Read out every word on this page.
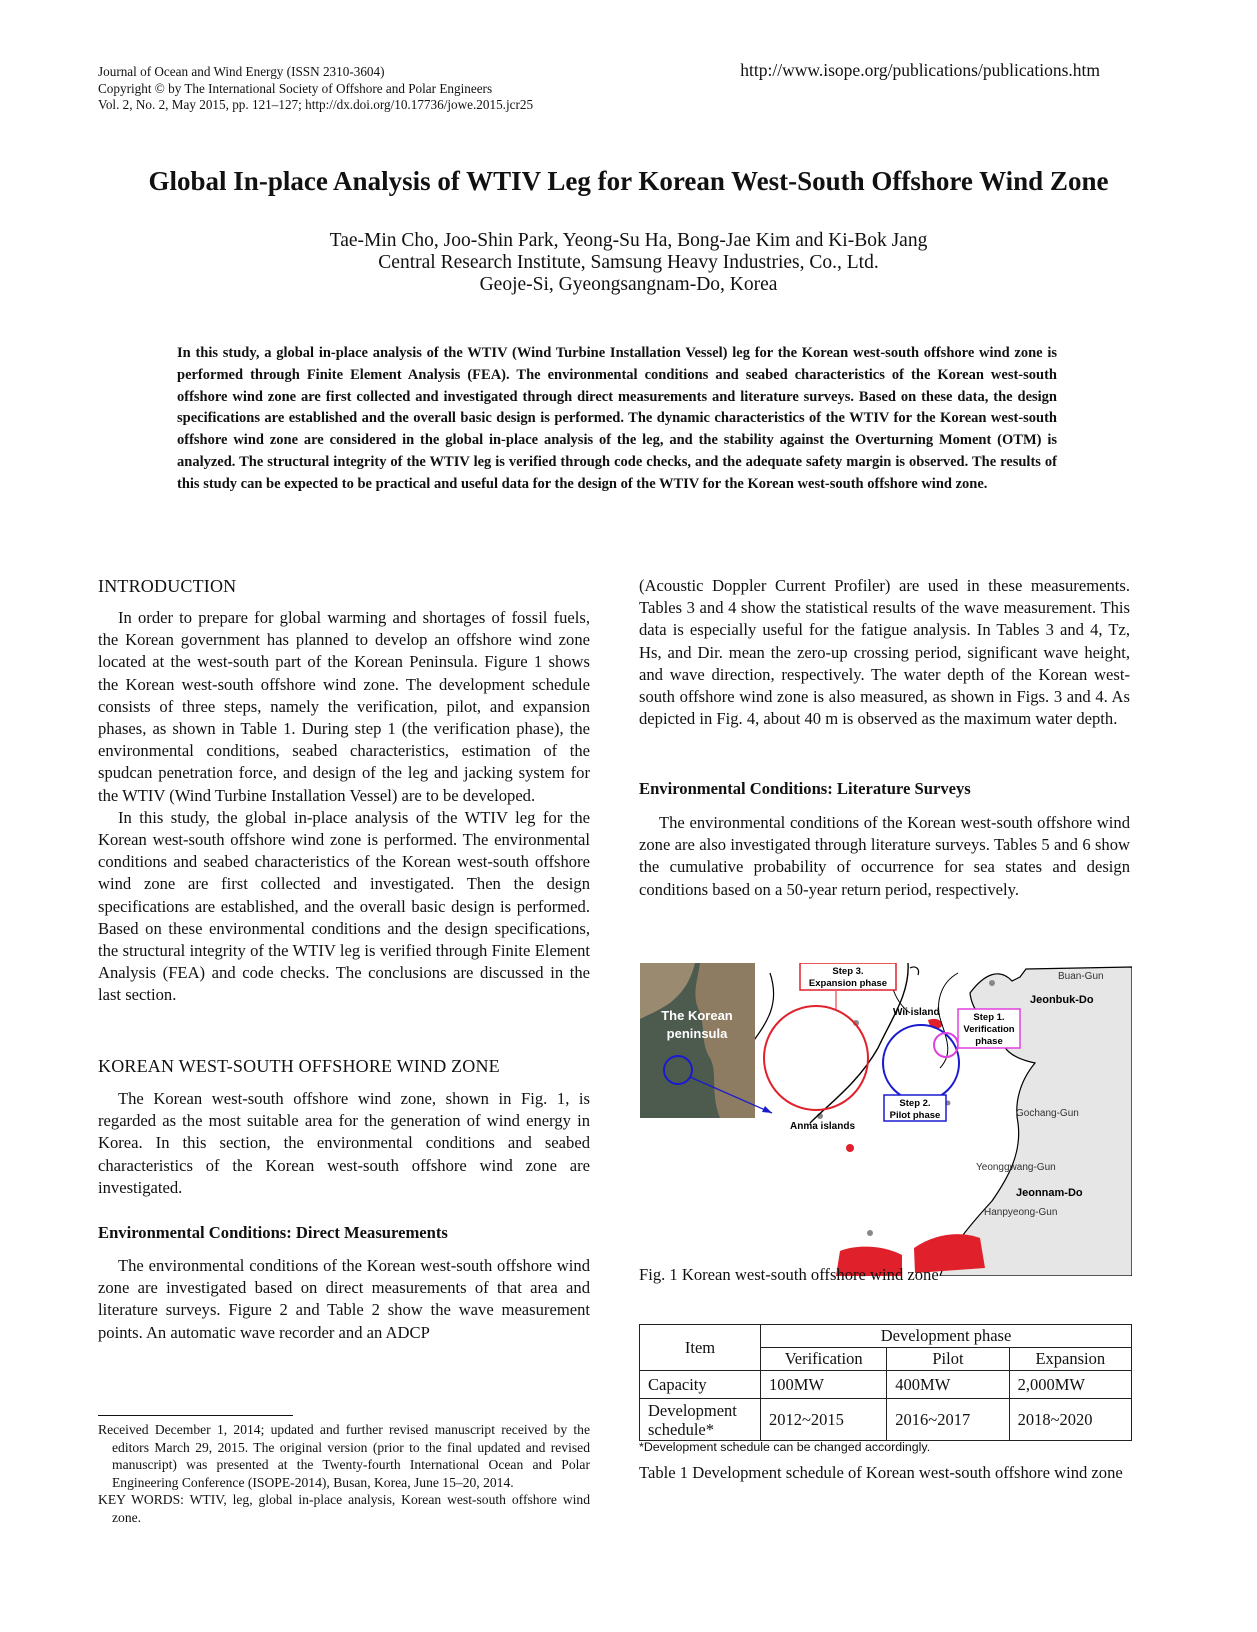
Journal of Ocean and Wind Energy (ISSN 2310-3604)
Copyright © by The International Society of Offshore and Polar Engineers
Vol. 2, No. 2, May 2015, pp. 121–127; http://dx.doi.org/10.17736/jowe.2015.jcr25
http://www.isope.org/publications/publications.htm
Global In-place Analysis of WTIV Leg for Korean West-South Offshore Wind Zone
Tae-Min Cho, Joo-Shin Park, Yeong-Su Ha, Bong-Jae Kim and Ki-Bok Jang
Central Research Institute, Samsung Heavy Industries, Co., Ltd.
Geoje-Si, Gyeongsangnam-Do, Korea
In this study, a global in-place analysis of the WTIV (Wind Turbine Installation Vessel) leg for the Korean west-south offshore wind zone is performed through Finite Element Analysis (FEA). The environmental conditions and seabed characteristics of the Korean west-south offshore wind zone are first collected and investigated through direct measurements and literature surveys. Based on these data, the design specifications are established and the overall basic design is performed. The dynamic characteristics of the WTIV for the Korean west-south offshore wind zone are considered in the global in-place analysis of the leg, and the stability against the Overturning Moment (OTM) is analyzed. The structural integrity of the WTIV leg is verified through code checks, and the adequate safety margin is observed. The results of this study can be expected to be practical and useful data for the design of the WTIV for the Korean west-south offshore wind zone.
INTRODUCTION

In order to prepare for global warming and shortages of fossil fuels, the Korean government has planned to develop an offshore wind zone located at the west-south part of the Korean Peninsula. Figure 1 shows the Korean west-south offshore wind zone. The development schedule consists of three steps, namely the verification, pilot, and expansion phases, as shown in Table 1. During step 1 (the verification phase), the environmental conditions, seabed characteristics, estimation of the spudcan penetration force, and design of the leg and jacking system for the WTIV (Wind Turbine Installation Vessel) are to be developed.

In this study, the global in-place analysis of the WTIV leg for the Korean west-south offshore wind zone is performed. The environmental conditions and seabed characteristics of the Korean west-south offshore wind zone are first collected and investigated. Then the design specifications are established, and the overall basic design is performed. Based on these environmental conditions and the design specifications, the structural integrity of the WTIV leg is verified through Finite Element Analysis (FEA) and code checks. The conclusions are discussed in the last section.

KOREAN WEST-SOUTH OFFSHORE WIND ZONE

The Korean west-south offshore wind zone, shown in Fig. 1, is regarded as the most suitable area for the generation of wind energy in Korea. In this section, the environmental conditions and seabed characteristics of the Korean west-south offshore wind zone are investigated.

Environmental Conditions: Direct Measurements

The environmental conditions of the Korean west-south offshore wind zone are investigated based on direct measurements of that area and literature surveys. Figure 2 and Table 2 show the wave measurement points. An automatic wave recorder and an ADCP

Received December 1, 2014; updated and further revised manuscript received by the editors March 29, 2015. The original version (prior to the final updated and revised manuscript) was presented at the Twenty-fourth International Ocean and Polar Engineering Conference (ISOPE-2014), Busan, Korea, June 15–20, 2014.

KEY WORDS: WTIV, leg, global in-place analysis, Korean west-south offshore wind zone.

(Acoustic Doppler Current Profiler) are used in these measurements. Tables 3 and 4 show the statistical results of the wave measurement. This data is especially useful for the fatigue analysis. In Tables 3 and 4, Tz, Hs, and Dir. mean the zero-up crossing period, significant wave height, and wave direction, respectively. The water depth of the Korean west-south offshore wind zone is also measured, as shown in Figs. 3 and 4. As depicted in Fig. 4, about 40 m is observed as the maximum water depth.

Environmental Conditions: Literature Surveys

The environmental conditions of the Korean west-south offshore wind zone are also investigated through literature surveys. Tables 5 and 6 show the cumulative probability of occurrence for sea states and design conditions based on a 50-year return period, respectively.

The Korean
peninsula
Step 3.
Expansion phase
Step 1.
Verification
phase
Step 2.
Pilot phase
Wii island
Anma islands
Buan-Gun
Jeonbuk-Do
Gochang-Gun
Yeonggwang-Gun
Jeonnam-Do
Hanpyeong-Gun
Fig. 1 Korean west-south offshore wind zone
Item	Development phase		
	Verification	Pilot	Expansion
Capacity	100MW	400MW	2,000MW
Development schedule*	2012~2015	2016~2017	2018~2020
*Development schedule can be changed accordingly.
Table 1 Development schedule of Korean west-south offshore wind zone
